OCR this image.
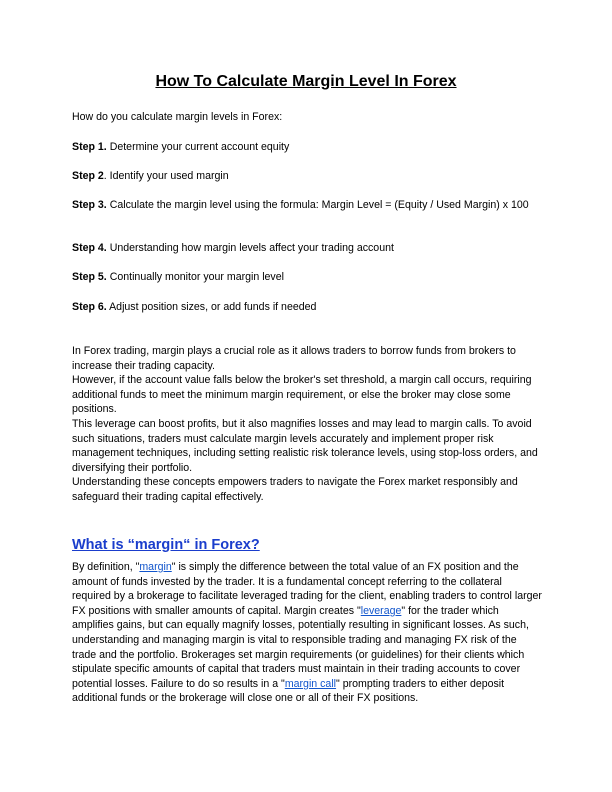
How To Calculate Margin Level In Forex
How do you calculate margin levels in Forex:
Step 1. Determine your current account equity
Step 2. Identify your used margin
Step 3. Calculate the margin level using the formula: Margin Level = (Equity / Used Margin) x 100
Step 4. Understanding how margin levels affect your trading account
Step 5. Continually monitor your margin level
Step 6. Adjust position sizes, or add funds if needed

In Forex trading, margin plays a crucial role as it allows traders to borrow funds from brokers to increase their trading capacity.

However, if the account value falls below the broker's set threshold, a margin call occurs, requiring additional funds to meet the minimum margin requirement, or else the broker may close some positions.

This leverage can boost profits, but it also magnifies losses and may lead to margin calls. To avoid such situations, traders must calculate margin levels accurately and implement proper risk management techniques, including setting realistic risk tolerance levels, using stop-loss orders, and diversifying their portfolio.

Understanding these concepts empowers traders to navigate the Forex market responsibly and safeguard their trading capital effectively.

What is “margin“ in Forex?

By definition, "margin" is simply the difference between the total value of an FX position and the amount of funds invested by the trader. It is a fundamental concept referring to the collateral required by a brokerage to facilitate leveraged trading for the client, enabling traders to control larger FX positions with smaller amounts of capital. Margin creates "leverage" for the trader which amplifies gains, but can equally magnify losses, potentially resulting in significant losses. As such, understanding and managing margin is vital to responsible trading and managing FX risk of the trade and the portfolio. Brokerages set margin requirements (or guidelines) for their clients which stipulate specific amounts of capital that traders must maintain in their trading accounts to cover potential losses. Failure to do so results in a "margin call" prompting traders to either deposit additional funds or the brokerage will close one or all of their FX positions.
